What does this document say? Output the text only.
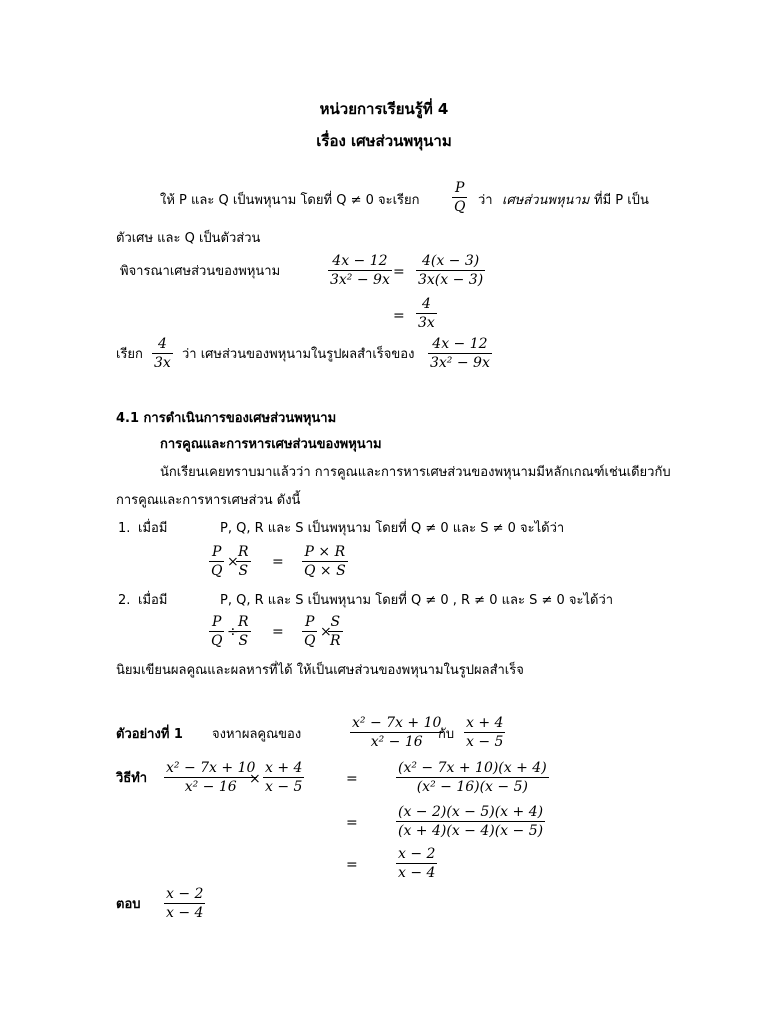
หน่วยการเรียนรู้ที่ 4
เรื่อง เศษส่วนพหุนาม
ให้ P และ Q เป็นพหุนาม โดยที่ Q ≠ 0 จะเรียก
P
Q ว่า เศษส่วนพหุนาม ที่มี P เป็น
ตัวเศษ และ Q เป็นตัวส่วน
พิจารณาเศษส่วนของพหุนาม
4x − 12
3x² − 9x =
4(x − 3)
3x(x − 3)
=
4
3x
เรียก
4
3x
ว่า เศษส่วนของพหุนามในรูปผลสำเร็จของ
4x − 12
3x² − 9x
4.1 การดำเนินการของเศษส่วนพหุนาม
การคูณและการหารเศษส่วนของพหุนาม
นักเรียนเคยทราบมาแล้วว่า การคูณและการหารเศษส่วนของพหุนามมีหลักเกณฑ์เช่นเดียวกับ
การคูณและการหารเศษส่วน ดังนี้
1. เมื่อมี	P, Q, R และ S เป็นพหุนาม โดยที่ Q ≠ 0 และ S ≠ 0 จะได้ว่า
P
Q
×
R
S
=
P × R
Q × S
2. เมื่อมี	P, Q, R และ S เป็นพหุนาม โดยที่ Q ≠ 0 , R ≠ 0 และ S ≠ 0 จะได้ว่า
P
Q
÷
R
S
=
P
Q
×
S
R
นิยมเขียนผลคูณและผลหารที่ได้ ให้เป็นเศษส่วนของพหุนามในรูปผลสำเร็จ
ตัวอย่างที่ 1 จงหาผลคูณของ
x² − 7x + 10
x² − 16 กับ
x + 4
x − 5
วิธีทำ
x² − 7x + 10
x² − 16 ×
x + 4
x − 5	=
(x² − 7x + 10)(x + 4)
(x² − 16)(x − 5)
=
(x − 2)(x − 5)(x + 4)
(x + 4)(x − 4)(x − 5)
=
x − 2
x − 4
ตอบ
x − 2
x − 4
